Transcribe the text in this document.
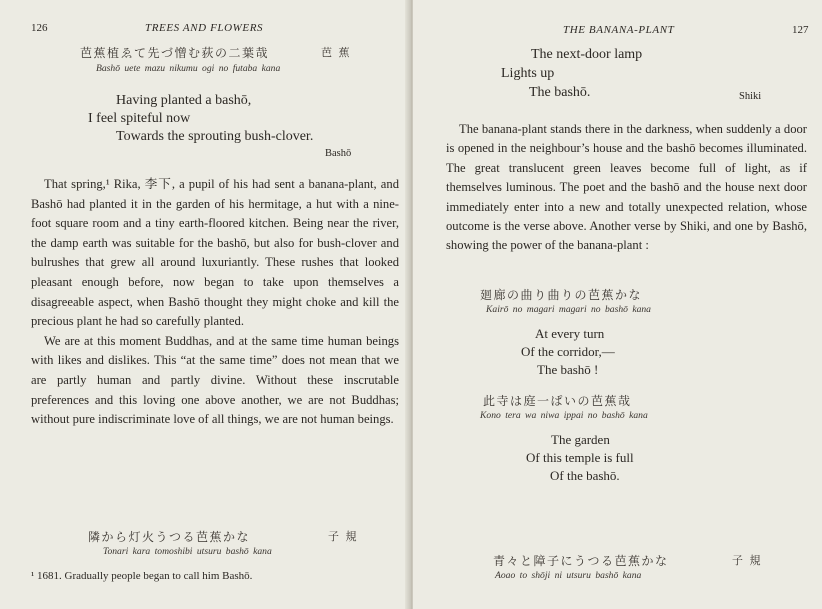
126	TREES AND FLOWERS
芭蕉植ゑて先づ憎む荻の二葉哉	芭 蕉
Bashō uete mazu nikumu ogi no futaba kana
Having planted a bashō,
I feel spiteful now
Towards the sprouting bush-clover.
Bashō

That spring,¹ Rika, 李下, a pupil of his had sent a banana-plant, and Bashō had planted it in the garden of his hermitage, a hut with a nine-foot square room and a tiny earth-floored kitchen. Being near the river, the damp earth was suitable for the bashō, but also for bush-clover and bulrushes that grew all around luxuriantly. These rushes that looked pleasant enough before, now began to take upon themselves a disagreeable aspect, when Bashō thought they might choke and kill the precious plant he had so carefully planted.

We are at this moment Buddhas, and at the same time human beings with likes and dislikes. This “at the same time” does not mean that we are partly human and partly divine. Without these inscrutable preferences and this loving one above another, we are not Buddhas; without pure indiscriminate love of all things, we are not human beings.

隣から灯火うつる芭蕉かな	子 規
Tonari kara tomoshibi utsuru bashō kana
¹ 1681. Gradually people began to call him Bashō.
THE BANANA-PLANT	127
The next-door lamp
Lights up
The bashō.	Shiki

The banana-plant stands there in the darkness, when suddenly a door is opened in the neighbour’s house and the bashō becomes illuminated. The great translucent green leaves become full of light, as if themselves luminous. The poet and the bashō and the house next door immediately enter into a new and totally unexpected relation, whose outcome is the verse above. Another verse by Shiki, and one by Bashō, showing the power of the banana-plant :

廻廊の曲り曲りの芭蕉かな
Kairō no magari magari no bashō kana
At every turn
Of the corridor,—
The bashō !
此寺は庭一ぱいの芭蕉哉
Kono tera wa niwa ippai no bashō kana
The garden
Of this temple is full
Of the bashō.
青々と障子にうつる芭蕉かな	子 規
Aoao to shōji ni utsuru bashō kana
